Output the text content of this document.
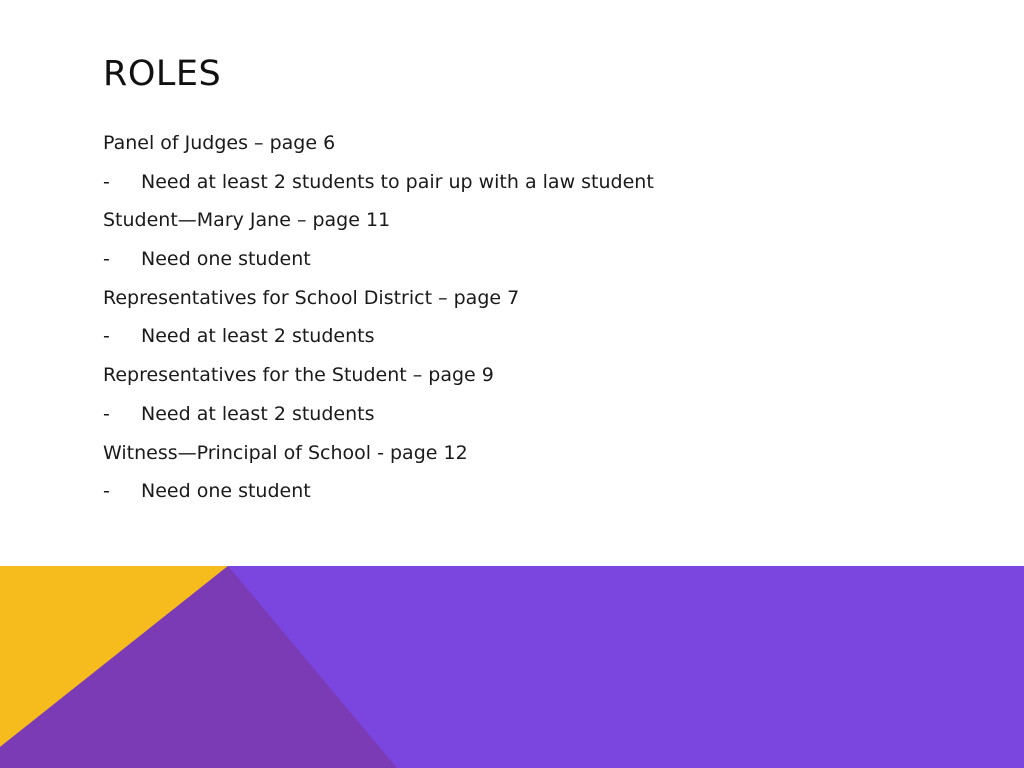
ROLES
Panel of Judges – page 6
- Need at least 2 students to pair up with a law student
Student—Mary Jane – page 11
- Need one student
Representatives for School District – page 7
- Need at least 2 students
Representatives for the Student – page 9
- Need at least 2 students
Witness—Principal of School - page 12
- Need one student
